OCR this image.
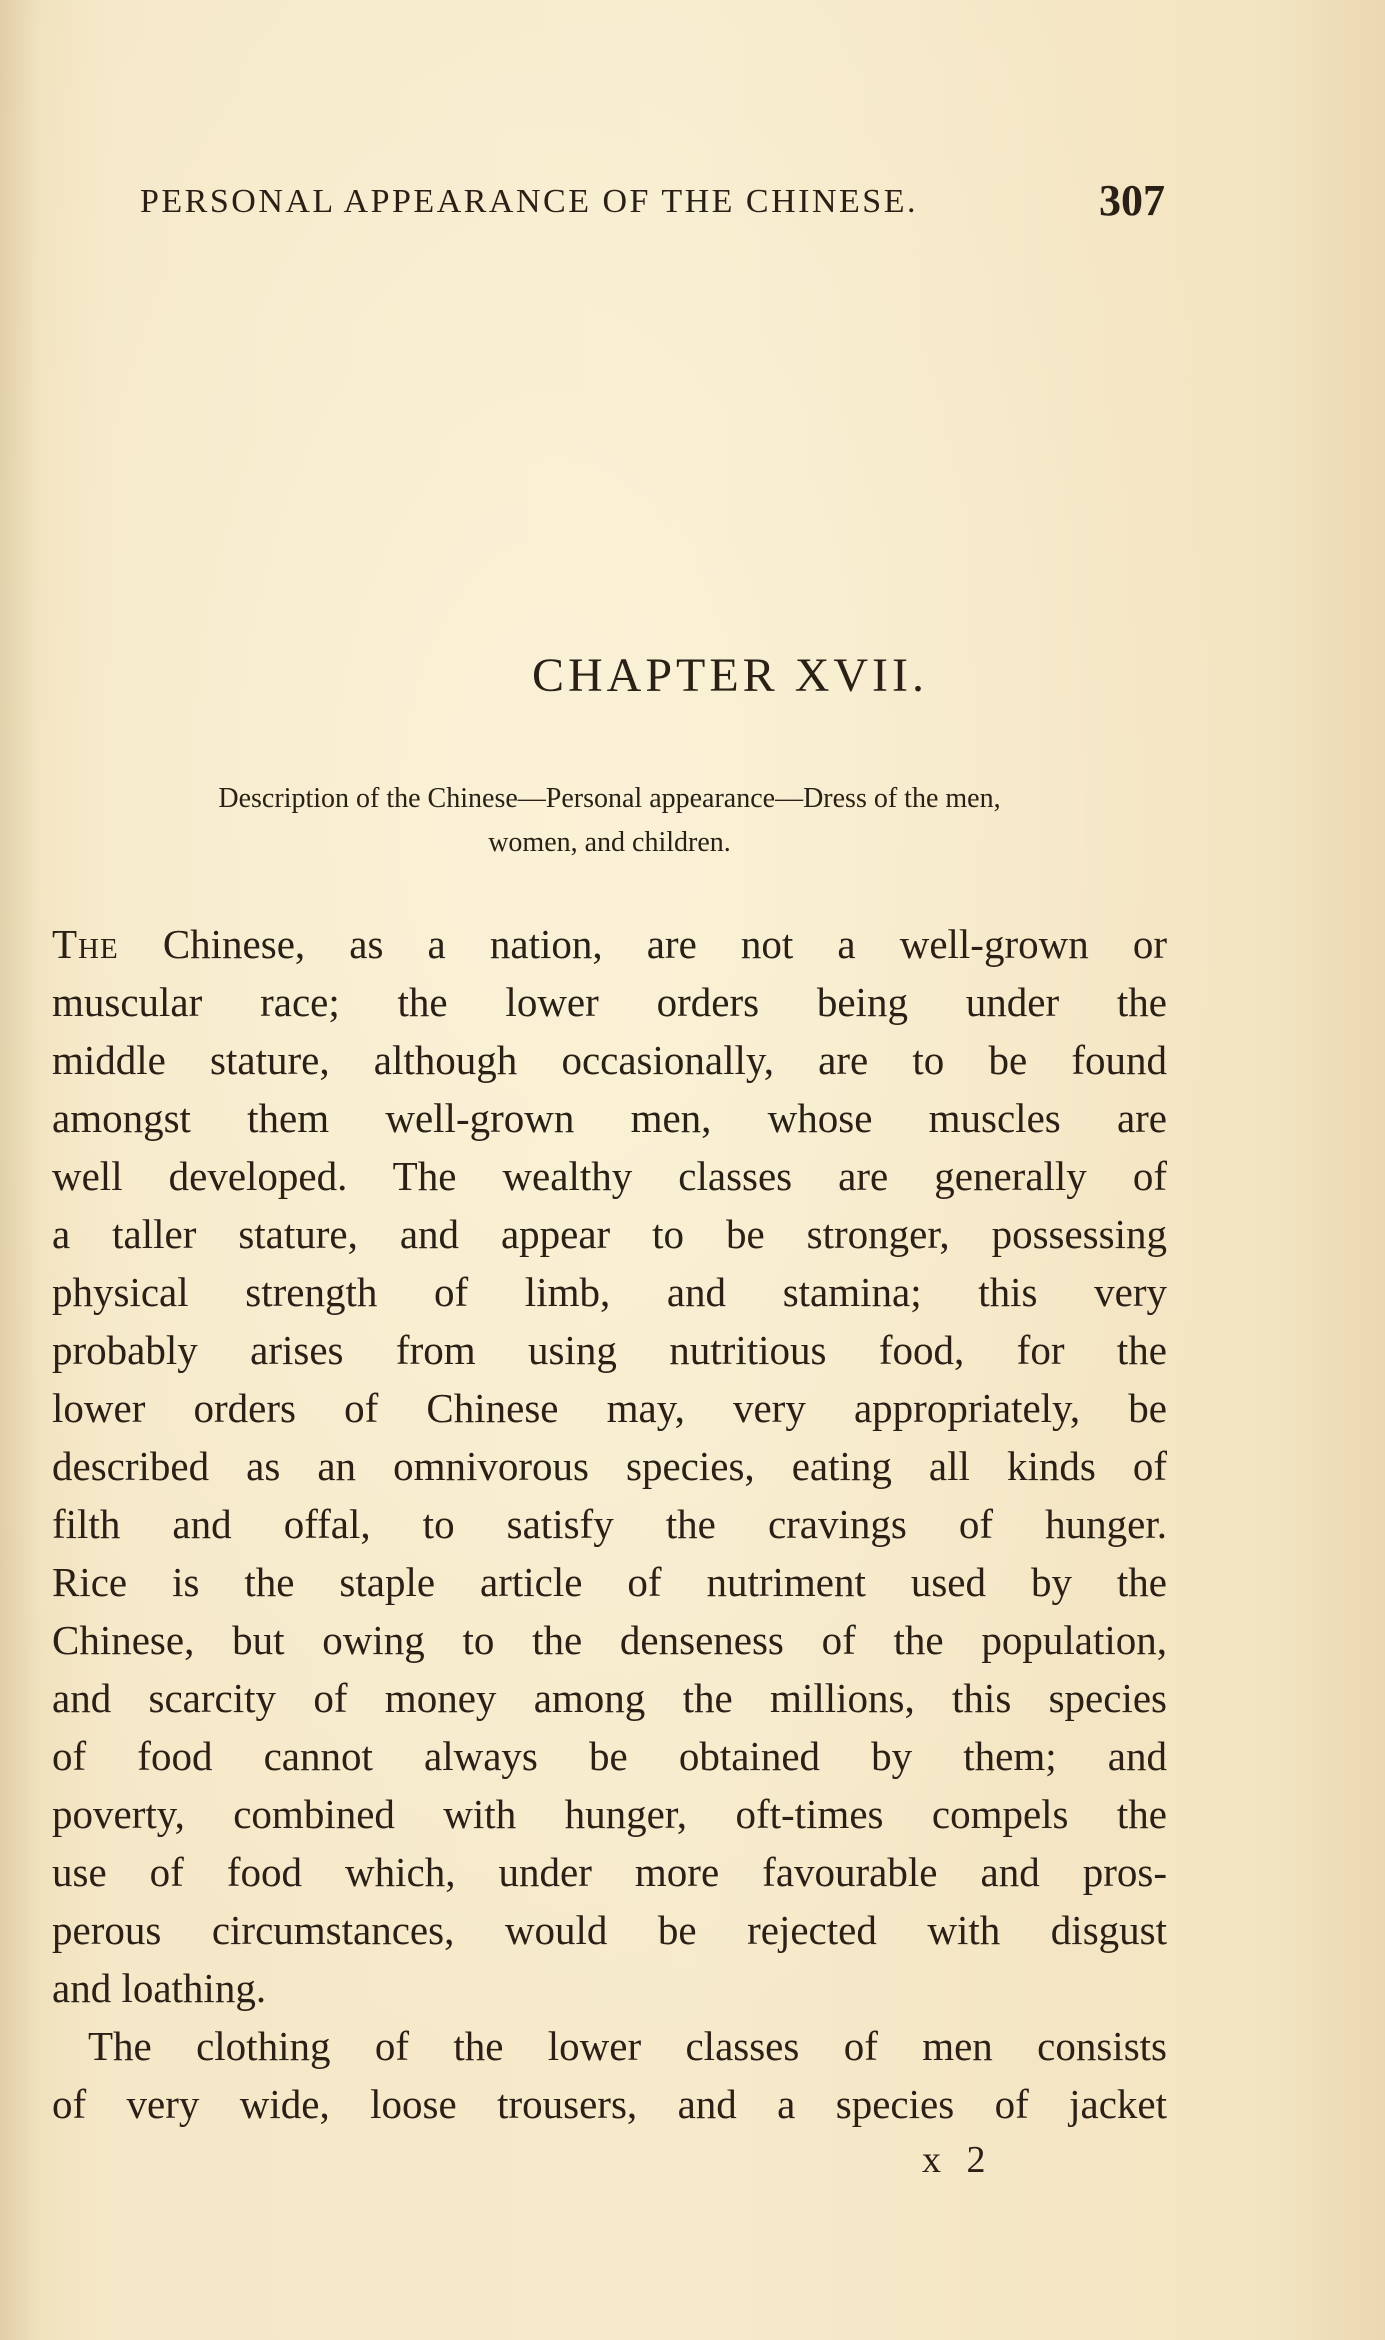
PERSONAL APPEARANCE OF THE CHINESE.	307
CHAPTER XVII.
Description of the Chinese—Personal appearance—Dress of the men,
women, and children.
The Chinese, as a nation, are not a well-grown or
muscular race; the lower orders being under the
middle stature, although occasionally, are to be found
amongst them well-grown men, whose muscles are
well developed. The wealthy classes are generally of
a taller stature, and appear to be stronger, possessing
physical strength of limb, and stamina; this very
probably arises from using nutritious food, for the
lower orders of Chinese may, very appropriately, be
described as an omnivorous species, eating all kinds of
filth and offal, to satisfy the cravings of hunger.
Rice is the staple article of nutriment used by the
Chinese, but owing to the denseness of the population,
and scarcity of money among the millions, this species
of food cannot always be obtained by them; and
poverty, combined with hunger, oft-times compels the
use of food which, under more favourable and pros-
perous circumstances, would be rejected with disgust
and loathing.
The clothing of the lower classes of men consists
of very wide, loose trousers, and a species of jacket
x 2
